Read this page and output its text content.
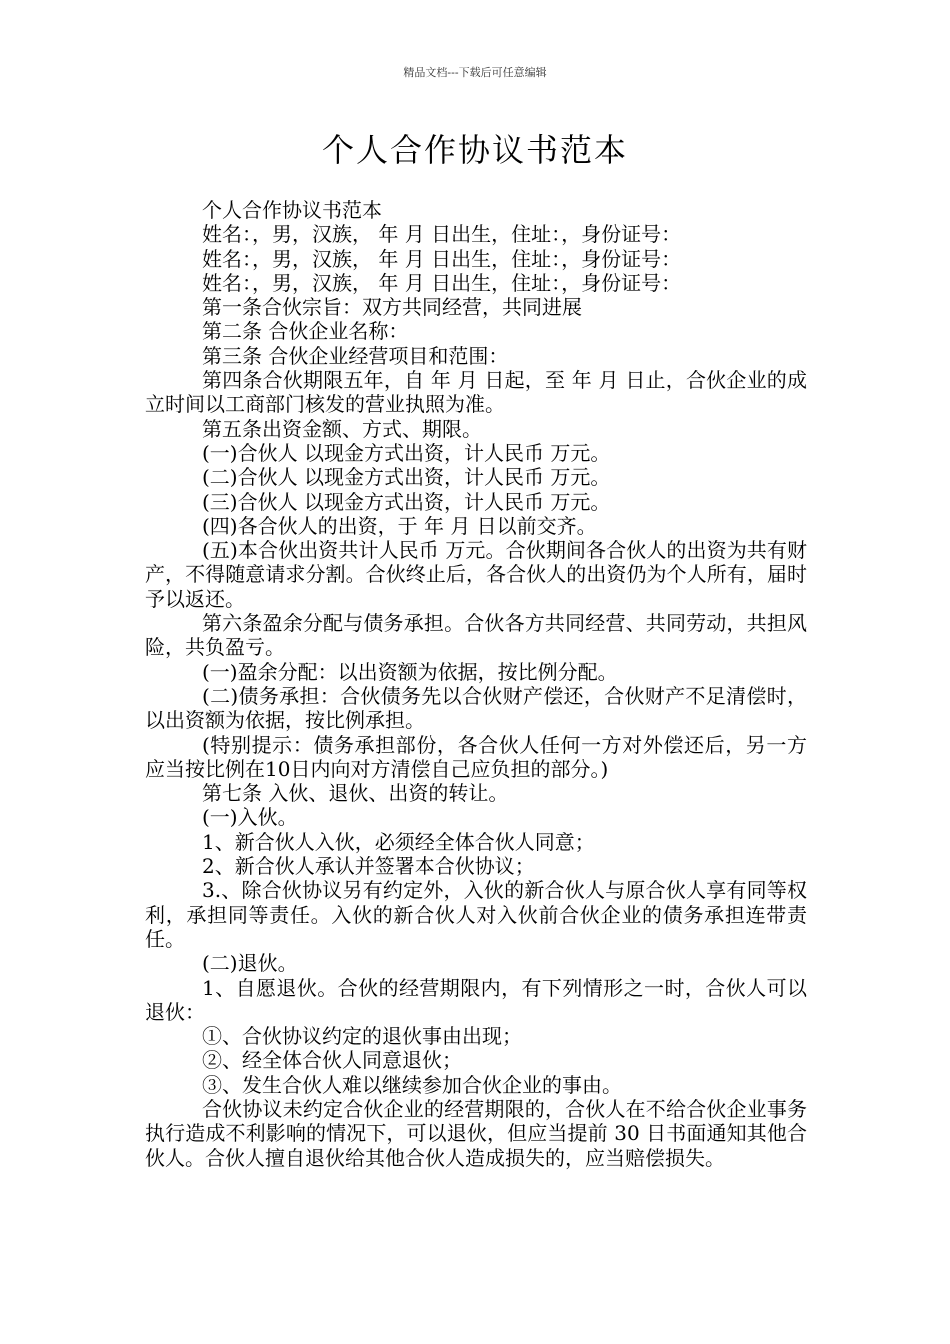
精品文档---下载后可任意编辑
个人合作协议书范本

个人合作协议书范本

姓名：，男，汉族， 年 月 日出生，住址：，身份证号：

姓名：，男，汉族， 年 月 日出生，住址：，身份证号：

姓名：，男，汉族， 年 月 日出生，住址：，身份证号：

第一条合伙宗旨：双方共同经营，共同进展

第二条 合伙企业名称：

第三条 合伙企业经营项目和范围：

第四条合伙期限五年，自 年 月 日起，至 年 月 日止，合伙企业的成立时间以工商部门核发的营业执照为准。

第五条出资金额、方式、期限。

(一)合伙人 以现金方式出资，计人民币 万元。

(二)合伙人 以现金方式出资，计人民币 万元。

(三)合伙人 以现金方式出资，计人民币 万元。

(四)各合伙人的出资，于 年 月 日以前交齐。

(五)本合伙出资共计人民币 万元。合伙期间各合伙人的出资为共有财产，不得随意请求分割。合伙终止后，各合伙人的出资仍为个人所有，届时予以返还。

第六条盈余分配与债务承担。合伙各方共同经营、共同劳动，共担风险，共负盈亏。

(一)盈余分配：以出资额为依据，按比例分配。

(二)债务承担：合伙债务先以合伙财产偿还，合伙财产不足清偿时，以出资额为依据，按比例承担。

(特别提示：债务承担部份，各合伙人任何一方对外偿还后，另一方应当按比例在10日内向对方清偿自己应负担的部分。)

第七条 入伙、退伙、出资的转让。

(一)入伙。

1、新合伙人入伙，必须经全体合伙人同意；

2、新合伙人承认并签署本合伙协议；

3.、除合伙协议另有约定外，入伙的新合伙人与原合伙人享有同等权利，承担同等责任。入伙的新合伙人对入伙前合伙企业的债务承担连带责任。

(二)退伙。

1、自愿退伙。合伙的经营期限内，有下列情形之一时，合伙人可以退伙：

①、合伙协议约定的退伙事由出现；

②、经全体合伙人同意退伙；

③、发生合伙人难以继续参加合伙企业的事由。

合伙协议未约定合伙企业的经营期限的，合伙人在不给合伙企业事务执行造成不利影响的情况下，可以退伙，但应当提前 30 日书面通知其他合伙人。合伙人擅自退伙给其他合伙人造成损失的，应当赔偿损失。
